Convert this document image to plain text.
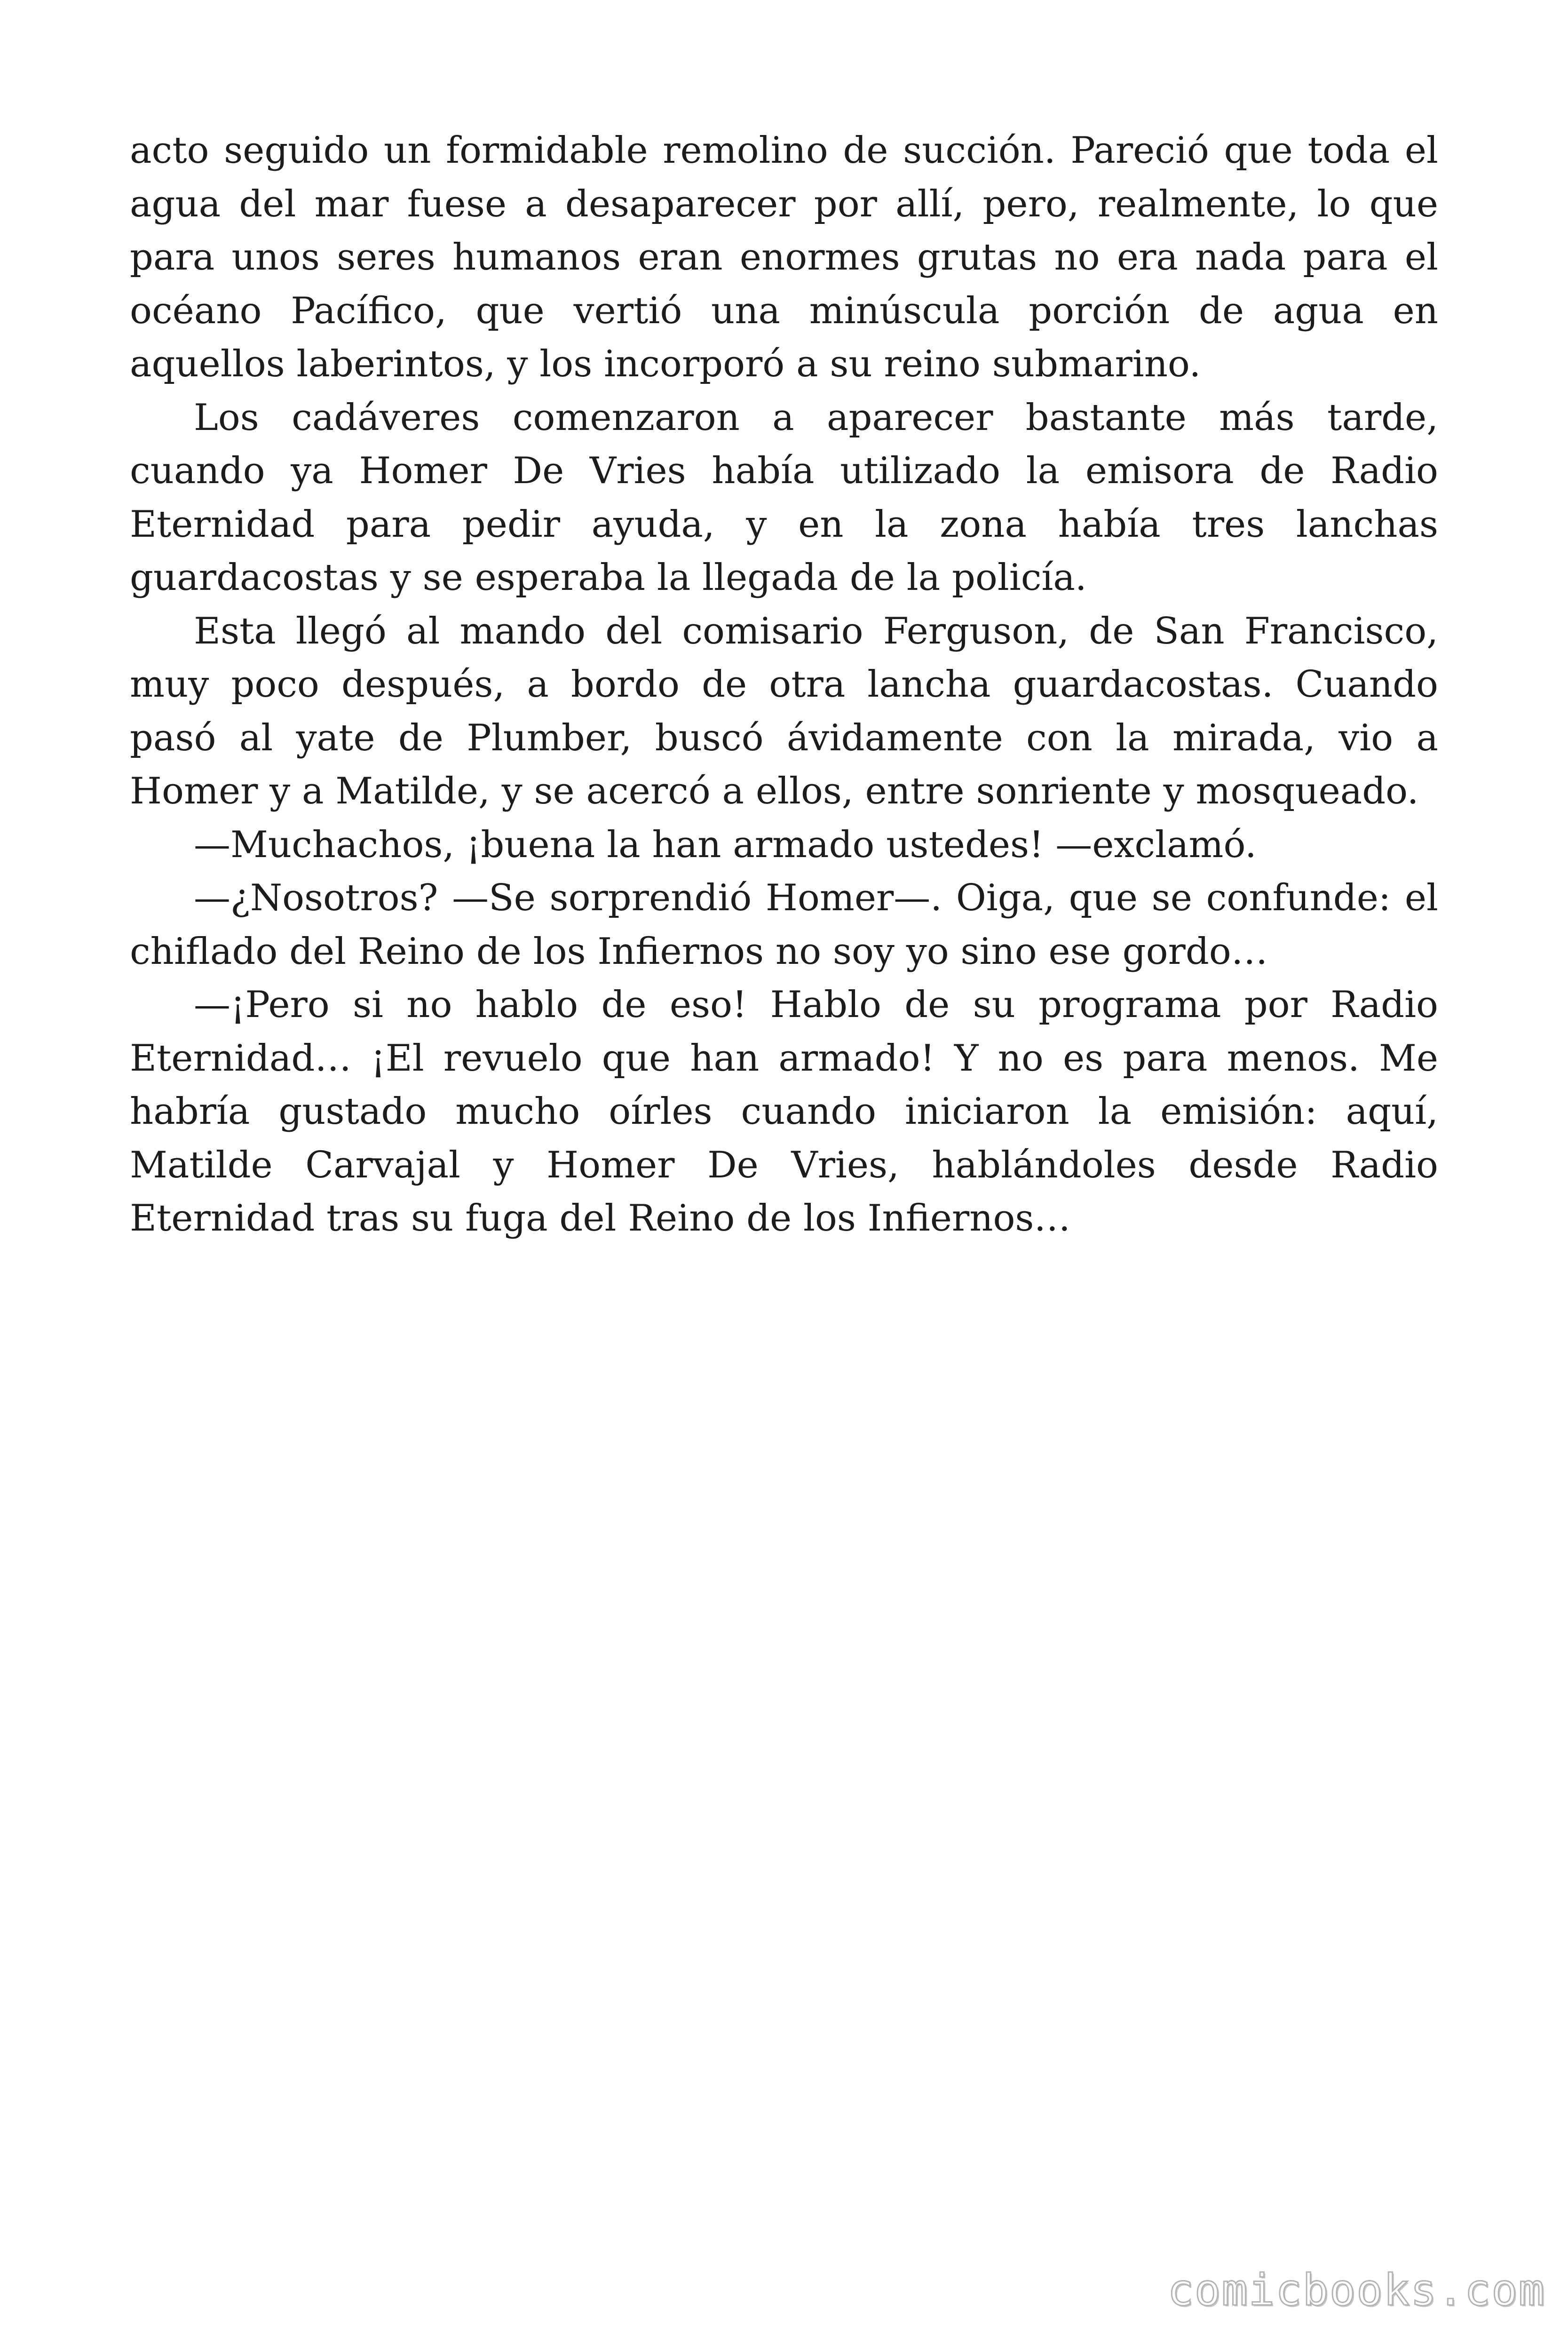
acto seguido un formidable remolino de succión. Pareció que toda el agua del mar fuese a desaparecer por allí, pero, realmente, lo que para unos seres humanos eran enormes grutas no era nada para el océano Pacífico, que vertió una minúscula porción de agua en aquellos laberintos, y los incorporó a su reino submarino.

Los cadáveres comenzaron a aparecer bastante más tarde, cuando ya Homer De Vries había utilizado la emisora de Radio Eternidad para pedir ayuda, y en la zona había tres lanchas guardacostas y se esperaba la llegada de la policía.

Esta llegó al mando del comisario Ferguson, de San Francisco, muy poco después, a bordo de otra lancha guardacostas. Cuando pasó al yate de Plumber, buscó ávidamente con la mirada, vio a Homer y a Matilde, y se acercó a ellos, entre sonriente y mosqueado.

—Muchachos, ¡buena la han armado ustedes! —exclamó.

—¿Nosotros? —Se sorprendió Homer—. Oiga, que se confunde: el chiflado del Reino de los Infiernos no soy yo sino ese gordo…

—¡Pero si no hablo de eso! Hablo de su programa por Radio Eternidad… ¡El revuelo que han armado! Y no es para menos. Me habría gustado mucho oírles cuando iniciaron la emisión: aquí, Matilde Carvajal y Homer De Vries, hablándoles desde Radio Eternidad tras su fuga del Reino de los Infiernos…

comicbooks.com
